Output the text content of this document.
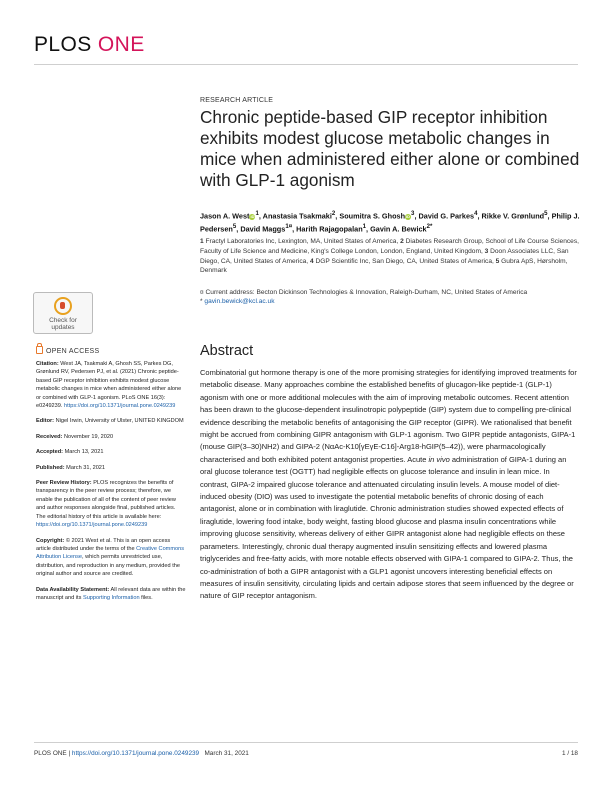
PLOS ONE
RESEARCH ARTICLE
Chronic peptide-based GIP receptor inhibition exhibits modest glucose metabolic changes in mice when administered either alone or combined with GLP-1 agonism
Jason A. WestiD$^1$, Anastasia Tsakmaki$^2$, Soumitra S. GhoshiD$^3$, David G. Parkes$^4$, Rikke V. Grønlund$^5$, Philip J. Pedersen$^5$, David Maggs$^{1¤}$, Harith Rajagopalan$^1$, Gavin A. Bewick$^{2*}$
1 Fractyl Laboratories Inc, Lexington, MA, United States of America, 2 Diabetes Research Group, School of Life Course Sciences, Faculty of Life Science and Medicine, King's College London, London, England, United Kingdom, 3 Doon Associates LLC, San Diego, CA, United States of America, 4 DGP Scientific Inc, San Diego, CA, United States of America, 5 Gubra ApS, Hørsholm, Denmark
¤ Current address: Becton Dickinson Technologies & Innovation, Raleigh-Durham, NC, United States of America
* gavin.bewick@kcl.ac.uk
Check for
updates
OPEN ACCESS

Citation: West JA, Tsakmaki A, Ghosh SS, Parkes DG, Grønlund RV, Pedersen PJ, et al. (2021) Chronic peptide-based GIP receptor inhibition exhibits modest glucose metabolic changes in mice when administered either alone or combined with GLP-1 agonism. PLoS ONE 16(3): e0249239. https://doi.org/10.1371/journal.pone.0249239

Editor: Nigel Irwin, University of Ulster, UNITED KINGDOM

Received: November 19, 2020

Accepted: March 13, 2021

Published: March 31, 2021

Peer Review History: PLOS recognizes the benefits of transparency in the peer review process; therefore, we enable the publication of all of the content of peer review and author responses alongside final, published articles. The editorial history of this article is available here: https://doi.org/10.1371/journal.pone.0249239

Copyright: © 2021 West et al. This is an open access article distributed under the terms of the Creative Commons Attribution License, which permits unrestricted use, distribution, and reproduction in any medium, provided the original author and source are credited.

Data Availability Statement: All relevant data are within the manuscript and its Supporting Information files.

Abstract

Combinatorial gut hormone therapy is one of the more promising strategies for identifying improved treatments for metabolic disease. Many approaches combine the established benefits of glucagon-like peptide-1 (GLP-1) agonism with one or more additional molecules with the aim of improving metabolic outcomes. Recent attention has been drawn to the glucose-dependent insulinotropic polypeptide (GIP) system due to compelling pre-clinical evidence describing the metabolic benefits of antagonising the GIP receptor (GIPR). We rationalised that benefit might be accrued from combining GIPR antagonism with GLP-1 agonism. Two GIPR peptide antagonists, GIPA-1 (mouse GIP(3–30)NH2) and GIPA-2 (NαAc-K10[γEγE-C16]-Arg18-hGIP(5–42)), were pharmacologically characterised and both exhibited potent antagonist properties. Acute in vivo administration of GIPA-1 during an oral glucose tolerance test (OGTT) had negligible effects on glucose tolerance and insulin in lean mice. In contrast, GIPA-2 impaired glucose tolerance and attenuated circulating insulin levels. A mouse model of diet-induced obesity (DIO) was used to investigate the potential metabolic benefits of chronic dosing of each antagonist, alone or in combination with liraglutide. Chronic administration studies showed expected effects of liraglutide, lowering food intake, body weight, fasting blood glucose and plasma insulin concentrations while improving glucose sensitivity, whereas delivery of either GIPR antagonist alone had negligible effects on these parameters. Interestingly, chronic dual therapy augmented insulin sensitizing effects and lowered plasma triglycerides and free-fatty acids, with more notable effects observed with GIPA-1 compared to GIPA-2. Thus, the co-administration of both a GIPR antagonist with a GLP1 agonist uncovers interesting beneficial effects on measures of insulin sensitivity, circulating lipids and certain adipose stores that seem influenced by the degree or nature of GIP receptor antagonism.

PLOS ONE | https://doi.org/10.1371/journal.pone.0249239 March 31, 2021	1 / 18
